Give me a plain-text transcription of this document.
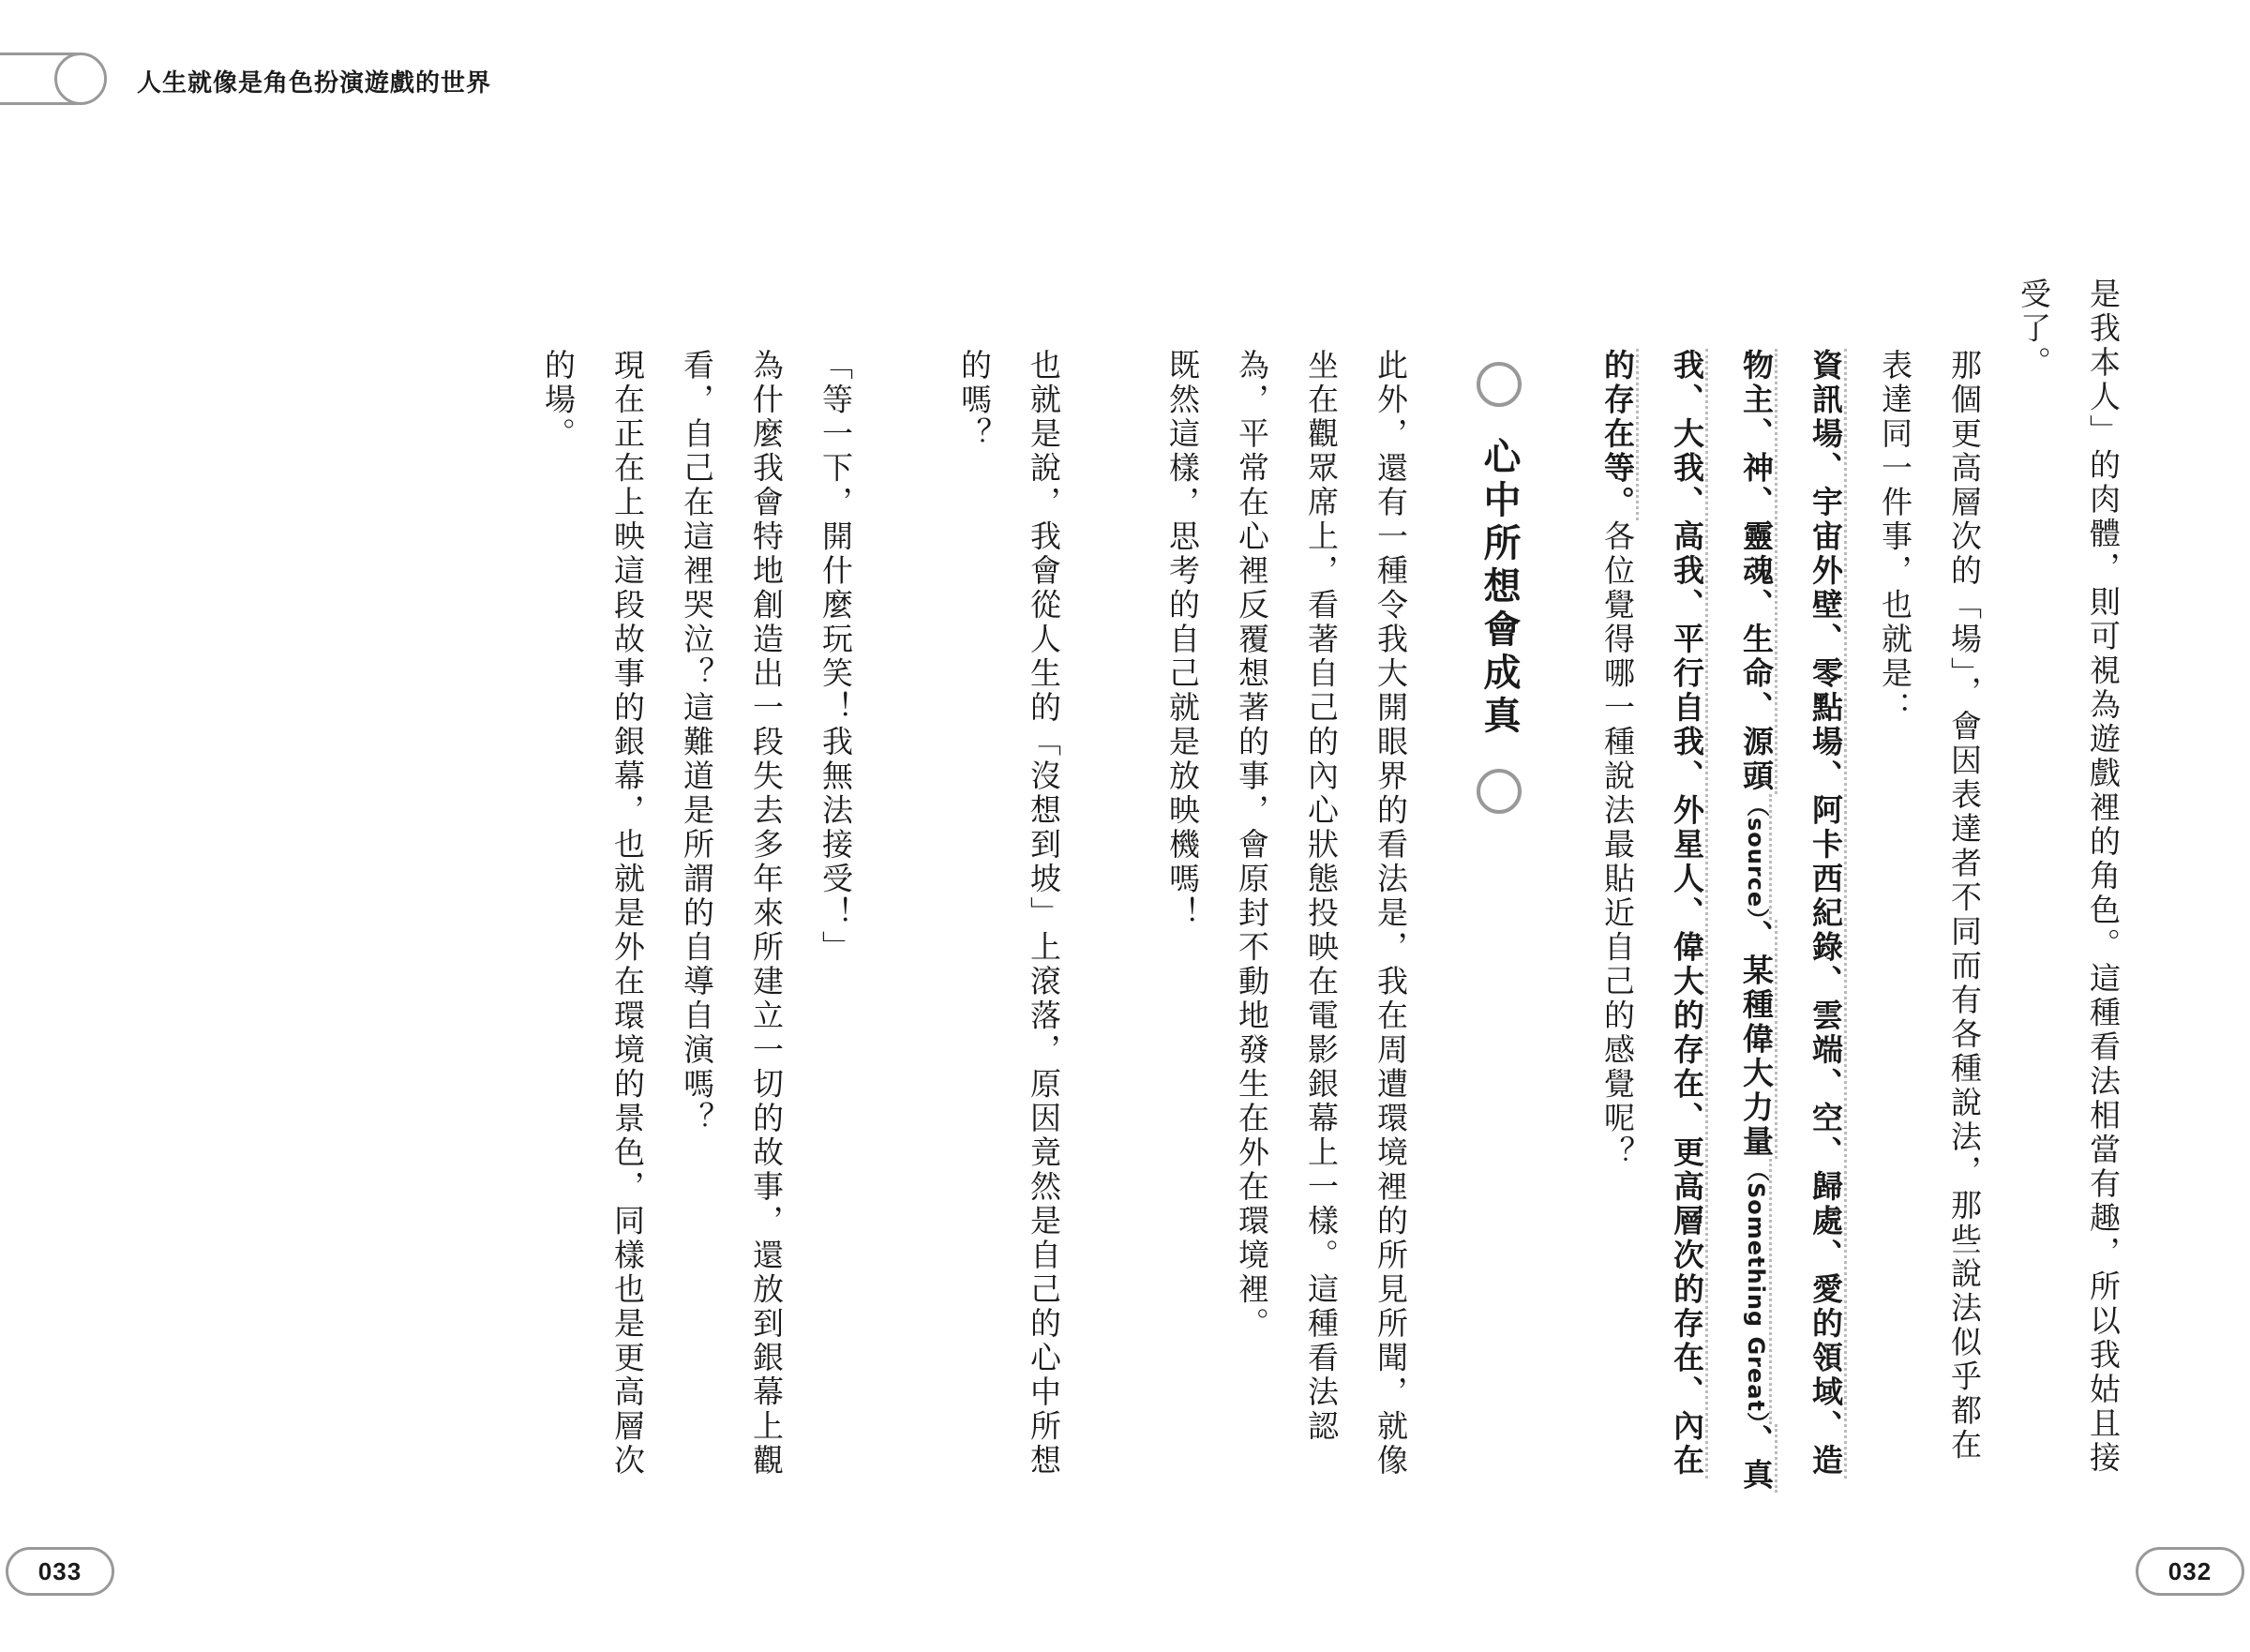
人生就像是角色扮演遊戲的世界

是我本人」的肉體，則可視為遊戲裡的角色。這種看法相當有趣，所以我姑且接受了。

那個更高層次的「場」，會因表達者不同而有各種說法，那些說法似乎都在表達同一件事，也就是：

資訊場、宇宙外壁、零點場、阿卡西紀錄、雲端、空、歸處、愛的領域、造物主、神、靈魂、生命、源頭（source）、某種偉大力量（Something Great）、真我、大我、高我、平行自我、外星人、偉大的存在、更高層次的存在、內在的存在等。各位覺得哪一種說法最貼近自己的感覺呢？

心中所想會成真

此外，還有一種令我大開眼界的看法是，我在周遭環境裡的所見所聞，就像坐在觀眾席上，看著自己的內心狀態投映在電影銀幕上一樣。這種看法認為，平常在心裡反覆想著的事，會原封不動地發生在外在環境裡。

既然這樣，思考的自己就是放映機嗎！

也就是說，我會從人生的「沒想到坡」上滾落，原因竟然是自己的心中所想的嗎？

「等一下，開什麼玩笑！我無法接受！」

為什麼我會特地創造出一段失去多年來所建立一切的故事，還放到銀幕上觀看，自己在這裡哭泣？這難道是所謂的自導自演嗎？

現在正在上映這段故事的銀幕，也就是外在環境的景色，同樣也是更高層次的場。

033	032
